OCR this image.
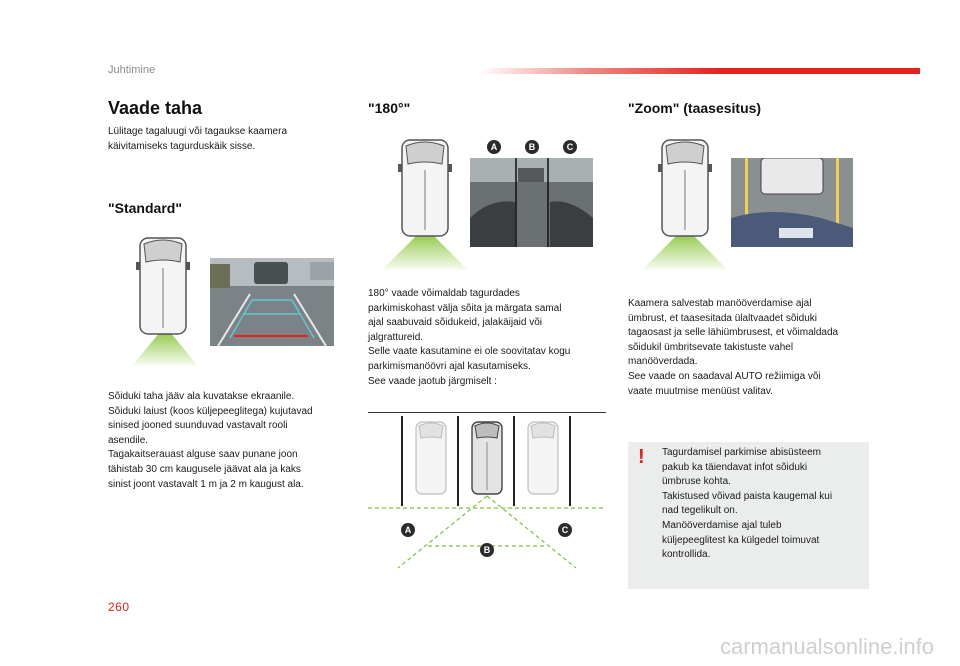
Juhtimine
Vaade taha

Lülitage tagaluugi või tagaukse kaamera

käivitamiseks tagurduskäik sisse.

"Standard"

Sõiduki taha jääv ala kuvatakse ekraanile.

Sõiduki laiust (koos küljepeeglitega) kujutavad

sinised jooned suunduvad vastavalt rooli

asendile.

Tagakaitserauast alguse saav punane joon

tähistab 30 cm kaugusele jäävat ala ja kaks

sinist joont vastavalt 1 m ja 2 m kaugust ala.

"180°"
A	B	C

180° vaade võimaldab tagurdades

parkimiskohast välja sõita ja märgata samal

ajal saabuvaid sõidukeid, jalakäijaid või

jalgrattureid.

Selle vaate kasutamine ei ole soovitatav kogu

parkimismanöövri ajal kasutamiseks.

See vaade jaotub järgmiselt :

A
B
C
"Zoom" (taasesitus)

Kaamera salvestab manööverdamise ajal

ümbrust, et taasesitada ülaltvaadet sõiduki

tagaosast ja selle lähiümbrusest, et võimaldada

sõidukil ümbritsevate takistuste vahel

manööverdada.

See vaade on saadaval AUTO režiimiga või

vaate muutmise menüüst valitav.

! Tagurdamisel parkimise abisüsteem

pakub ka täiendavat infot sõiduki

ümbruse kohta.

Takistused võivad paista kaugemal kui

nad tegelikult on.

Manööverdamise ajal tuleb

küljepeeglitest ka külgedel toimuvat

kontrollida.

260
carmanualsonline.info
